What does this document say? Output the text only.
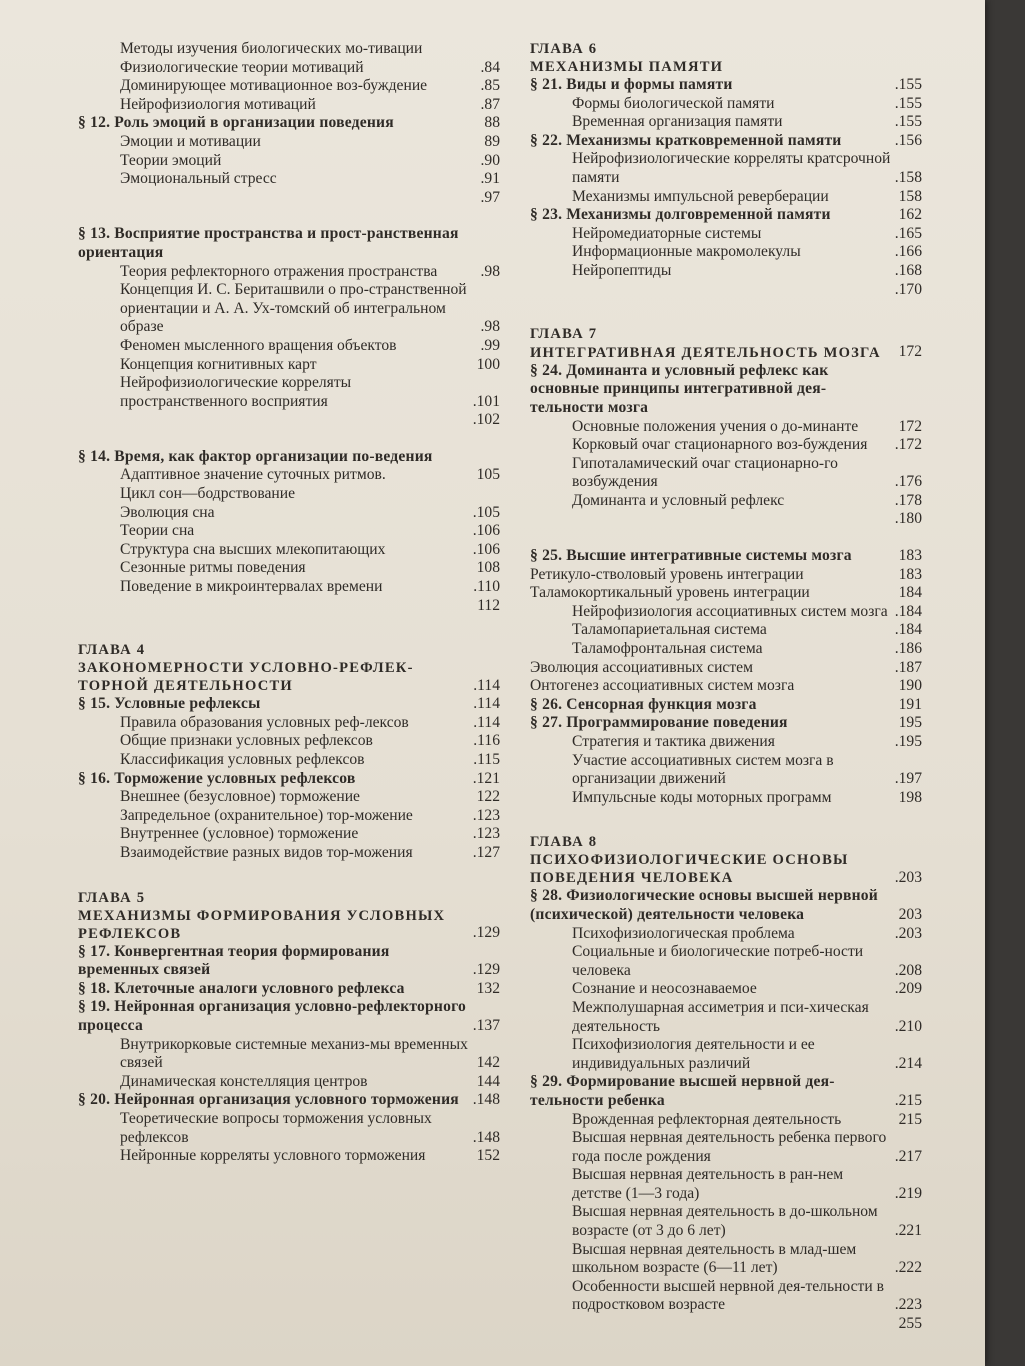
Методы изучения биологических мо-тивации
Физиологические теории мотиваций	.84
Доминирующее мотивационное воз-буждение	.85
Нейрофизиология мотиваций	.87
§ 12. Роль эмоций в организации поведения	88
Эмоции и мотивации	89
Теории эмоций	.90
Эмоциональный стресс	.91
.97
§ 13. Восприятие пространства и прост-ранственная ориентация
Теория рефлекторного отражения пространства	.98
Концепция И. С. Бериташвили о про-странственной ориентации и А. А. Ух-томский об интегральном образе	.98
Феномен мысленного вращения объектов	.99
Концепция когнитивных карт	100
Нейрофизиологические корреляты пространственного восприятия	.101
.102
§ 14. Время, как фактор организации по-ведения
Адаптивное значение суточных ритмов.	105
Цикл сон—бодрствование
Эволюция сна	.105
Теории сна	.106
Структура сна высших млекопитающих	.106
Сезонные ритмы поведения	108
Поведение в микроинтервалах времени	.110
112
ГЛАВА 4
ЗАКОНОМЕРНОСТИ УСЛОВНО-РЕФЛЕК-ТОРНОЙ ДЕЯТЕЛЬНОСТИ	.114
§ 15. Условные рефлексы	.114
Правила образования условных реф-лексов	.114
Общие признаки условных рефлексов	.116
Классификация условных рефлексов	.115
§ 16. Торможение условных рефлексов	.121
Внешнее (безусловное) торможение	122
Запредельное (охранительное) тор-можение	.123
Внутреннее (условное) торможение	.123
Взаимодействие разных видов тор-можения	.127
ГЛАВА 5
МЕХАНИЗМЫ ФОРМИРОВАНИЯ УСЛОВНЫХ РЕФЛЕКСОВ	.129
§ 17. Конвергентная теория формирования временных связей	.129
§ 18. Клеточные аналоги условного рефлекса	132
§ 19. Нейронная организация условно-рефлекторного процесса	.137
Внутрикорковые системные механиз-мы временных связей	142
Динамическая констелляция центров	144
§ 20. Нейронная организация условного торможения .148
Теоретические вопросы торможения условных рефлексов	.148
Нейронные корреляты условного торможения	152
ГЛАВА 6
МЕХАНИЗМЫ ПАМЯТИ
§ 21. Виды и формы памяти	.155
Формы биологической памяти	.155
Временная организация памяти	.155
§ 22. Механизмы кратковременной памяти	.156
Нейрофизиологические корреляты кратсрочной памяти	.158
Механизмы импульсной реверберации	158
§ 23. Механизмы долговременной памяти	162
Нейромедиаторные системы	.165
Информационные макромолекулы	.166
Нейропептиды	.168
.170
ГЛАВА 7
ИНТЕГРАТИВНАЯ ДЕЯТЕЛЬНОСТЬ МОЗГА	172
§ 24. Доминанта и условный рефлекс как основные принципы интегративной дея-тельности мозга
Основные положения учения о до-минанте	172
Корковый очаг стационарного воз-буждения	.172
Гипоталамический очаг стационарно-го возбуждения	.176
Доминанта и условный рефлекс	.178
.180
§ 25. Высшие интегративные системы мозга	183
Ретикуло-стволовый уровень интеграции	183
Таламокортикальный уровень интеграции	184
Нейрофизиология ассоциативных систем мозга .184
Таламопариетальная система	.184
Таламофронтальная система	.186
Эволюция ассоциативных систем	.187
Онтогенез ассоциативных систем мозга	190
§ 26. Сенсорная функция мозга	191
§ 27. Программирование поведения	195
Стратегия и тактика движения	.195
Участие ассоциативных систем мозга в организации движений	.197
Импульсные коды моторных программ	198
ГЛАВА 8
ПСИХОФИЗИОЛОГИЧЕСКИЕ ОСНОВЫ ПОВЕДЕНИЯ ЧЕЛОВЕКА	.203
§ 28. Физиологические основы высшей нервной (психической) деятельности человека	203
Психофизиологическая проблема	.203
Социальные и биологические потреб-ности человека	.208
Сознание и неосознаваемое	.209
Межполушарная ассиметрия и пси-хическая деятельность	.210
Психофизиология деятельности и ее индивидуальных различий	.214
§ 29. Формирование высшей нервной дея-тельности ребенка	.215
Врожденная рефлекторная деятельность	215
Высшая нервная деятельность ребенка первого года после рождения	.217
Высшая нервная деятельность в ран-нем детстве (1—3 года)	.219
Высшая нервная деятельность в до-школьном возрасте (от 3 до 6 лет)	.221
Высшая нервная деятельность в млад-шем школьном возрасте (6—11 лет)	.222
Особенности высшей нервной дея-тельности в подростковом возрасте	.223
255
